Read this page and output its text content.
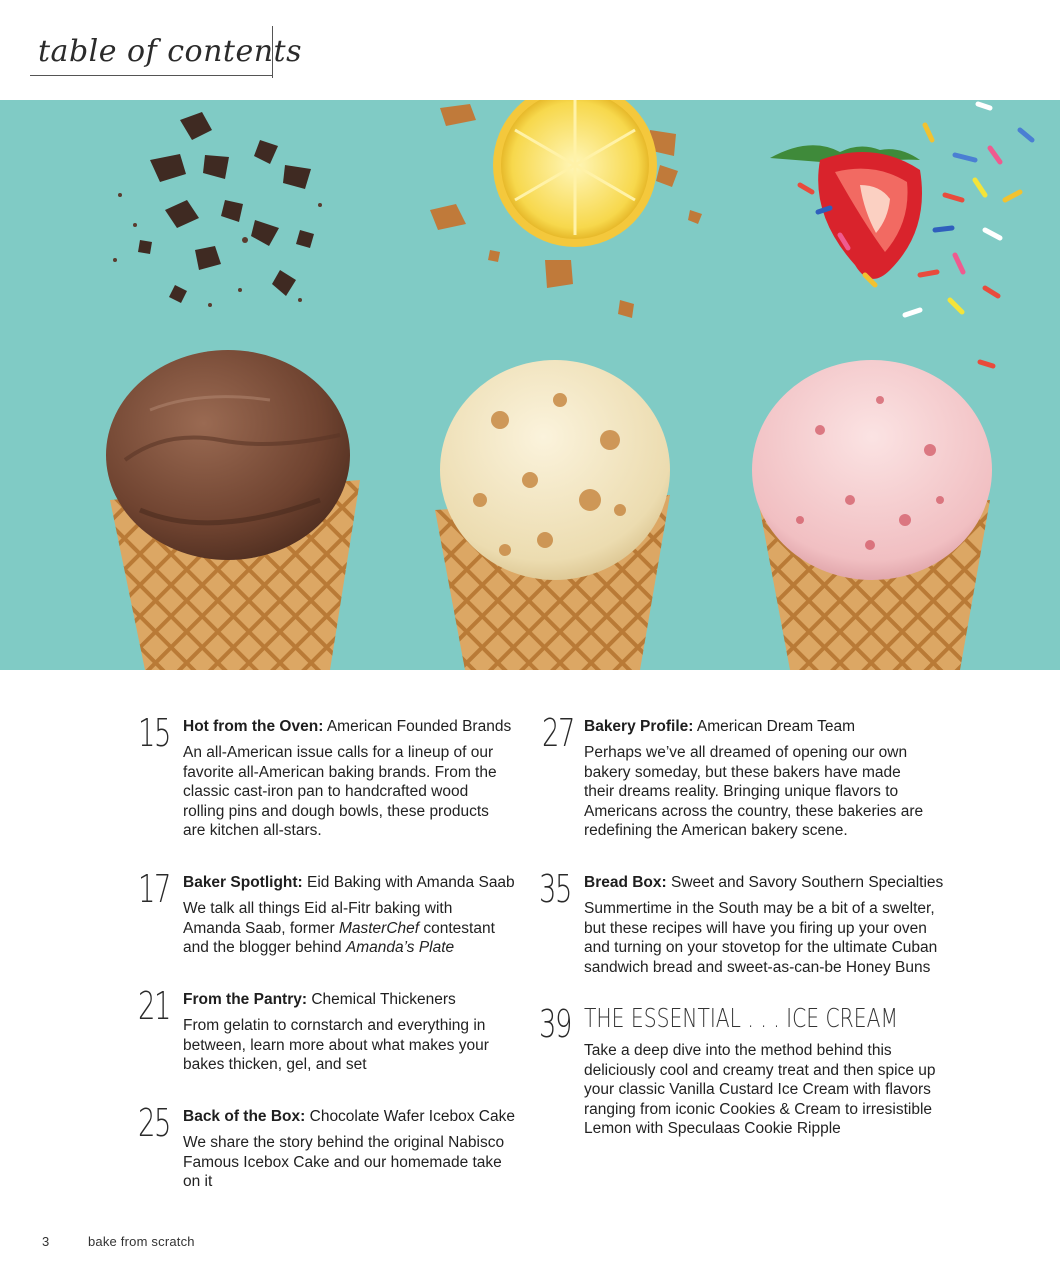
table of contents
15 Hot from the Oven: American Founded Brands
An all-American issue calls for a lineup of our favorite all-American baking brands. From the classic cast-iron pan to handcrafted wood rolling pins and dough bowls, these products are kitchen all-stars.
17 Baker Spotlight: Eid Baking with Amanda Saab
We talk all things Eid al-Fitr baking with Amanda Saab, former MasterChef contestant and the blogger behind Amanda’s Plate
21 From the Pantry: Chemical Thickeners
From gelatin to cornstarch and everything in between, learn more about what makes your bakes thicken, gel, and set
25 Back of the Box: Chocolate Wafer Icebox Cake
We share the story behind the original Nabisco Famous Icebox Cake and our homemade take on it
27 Bakery Profile: American Dream Team
Perhaps we’ve all dreamed of opening our own bakery someday, but these bakers have made their dreams reality. Bringing unique flavors to Americans across the country, these bakeries are redefining the American bakery scene.
35 Bread Box: Sweet and Savory Southern Specialties
Summertime in the South may be a bit of a swelter, but these recipes will have you firing up your oven and turning on your stovetop for the ultimate Cuban sandwich bread and sweet-as-can-be Honey Buns
39 THE ESSENTIAL . . . ICE CREAM
Take a deep dive into the method behind this deliciously cool and creamy treat and then spice up your classic Vanilla Custard Ice Cream with flavors ranging from iconic Cookies & Cream to irresistible Lemon with Speculaas Cookie Ripple
3	bake from scratch
